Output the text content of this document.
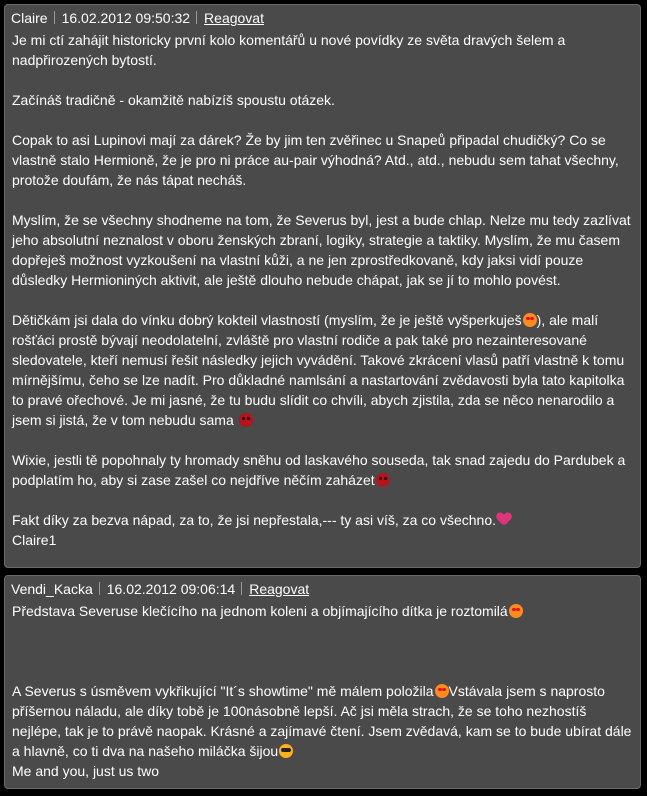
Claire 16.02.2012 09:50:32 Reagovat

Je mi ctí zahájit historicky první kolo komentářů u nové povídky ze světa dravých šelem a nadpřirozených bytostí.

Začínáš tradičně - okamžitě nabízíš spoustu otázek.

Copak to asi Lupinovi mají za dárek? Že by jim ten zvěřinec u Snapeů připadal chudičký? Co se vlastně stalo Hermioně, že je pro ni práce au-pair výhodná? Atd., atd., nebudu sem tahat všechny, protože doufám, že nás tápat necháš.

Myslím, že se všechny shodneme na tom, že Severus byl, jest a bude chlap. Nelze mu tedy zazlívat jeho absolutní neznalost v oboru ženských zbraní, logiky, strategie a taktiky. Myslím, že mu časem dopřeješ možnost vyzkoušení na vlastní kůži, a ne jen zprostředkovaně, kdy jaksi vidí pouze důsledky Hermioniných aktivit, ale ještě dlouho nebude chápat, jak se jí to mohlo povést.

Dětičkám jsi dala do vínku dobrý kokteil vlastností (myslím, že je ještě vyšperkuješ ), ale malí rošťáci prostě bývají neodolatelní, zvláště pro vlastní rodiče a pak také pro nezainteresované sledovatele, kteří nemusí řešit následky jejich vyvádění. Takové zkrácení vlasů patří vlastně k tomu mírnějšímu, čeho se lze nadít. Pro důkladné namlsání a nastartování zvědavosti byla tato kapitolka to pravé ořechové. Je mi jasné, že tu budu slídit co chvíli, abych zjistila, zda se něco nenarodilo a jsem si jistá, že v tom nebudu sama

Wixie, jestli tě popohnaly ty hromady sněhu od laskavého souseda, tak snad zajedu do Pardubek a podplatím ho, aby si zase zašel co nejdříve něčím zaházet

Fakt díky za bezva nápad, za to, že jsi nepřestala,--- ty asi víš, za co všechno.

Claire1

Vendi_Kacka 16.02.2012 09:06:14 Reagovat

Představa Severuse klečícího na jednom koleni a objímajícího dítka je roztomilá

A Severus s úsměvem vykřikující "It´s showtime" mě málem položila Vstávala jsem s naprosto příšernou náladu, ale díky tobě je 100násobně lepší. Ač jsi měla strach, že se toho nezhostíš nejlépe, tak je to právě naopak. Krásné a zajímavé čtení. Jsem zvědavá, kam se to bude ubírat dále a hlavně, co ti dva na našeho miláčka šijou

Me and you, just us two
